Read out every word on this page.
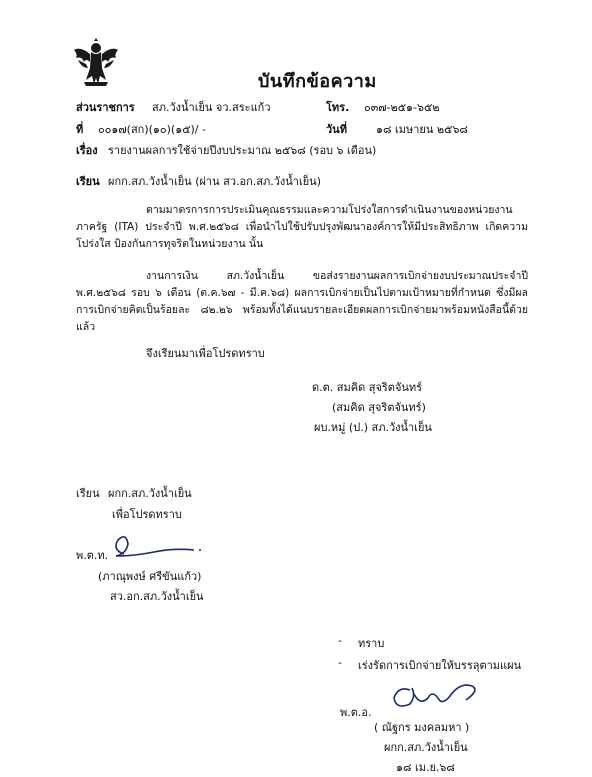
บันทึกข้อความ
ส่วนราชการ สภ.วังน้ำเย็น จว.สระแก้ว	โทร. ๐๓๗-๒๕๑-๖๕๒
ที่ ๐๐๑๗(สก)(๑๐)(๑๕)/ -	วันที่	๑๘ เมษายน ๒๕๖๘
เรื่อง รายงานผลการใช้จ่ายปีงบประมาณ ๒๕๖๘ (รอบ ๖ เดือน)
เรียน ผกก.สภ.วังน้ำเย็น (ผ่าน สว.อก.สภ.วังน้ำเย็น)
ตามมาตรการการประเมินคุณธรรมและความโปร่งใสการดำเนินงานของหน่วยงานภาครัฐ (ITA) ประจำปี พ.ศ.๒๕๖๘ เพื่อนำไปใช้ปรับปรุงพัฒนาองค์การให้มีประสิทธิภาพ เกิดความโปร่งใส ป้องกันการทุจริตในหน่วยงาน นั้น
งานการเงิน สภ.วังน้ำเย็น ขอส่งรายงานผลการเบิกจ่ายงบประมาณประจำปี พ.ศ.๒๕๖๘ รอบ ๖ เดือน (ต.ค.๖๗ - มี.ค.๖๘) ผลการเบิกจ่ายเป็นไปตามเป้าหมายที่กำหนด ซึ่งมีผลการเบิกจ่ายคิดเป็นร้อยละ ๘๒.๒๖ พร้อมทั้งได้แนบรายละเอียดผลการเบิกจ่ายมาพร้อมหนังสือนี้ด้วยแล้ว
จึงเรียนมาเพื่อโปรดทราบ
ด.ต. สมคิด สุจริตจันทร์
(สมคิด สุจริตจันทร์)
ผบ.หมู่ (ป.) สภ.วังน้ำเย็น
เรียน ผกก.สภ.วังน้ำเย็น
เพื่อโปรดทราบ
พ.ต.ท.
(ภาณุพงษ์ ศรีขันแก้ว)
สว.อก.สภ.วังน้ำเย็น
- ทราบ
- เร่งรัดการเบิกจ่ายให้บรรลุตามแผน
พ.ต.อ.
( ณัฐกร มงคลมหา )
ผกก.สภ.วังน้ำเย็น
๑๘ เม.ย.๖๘
